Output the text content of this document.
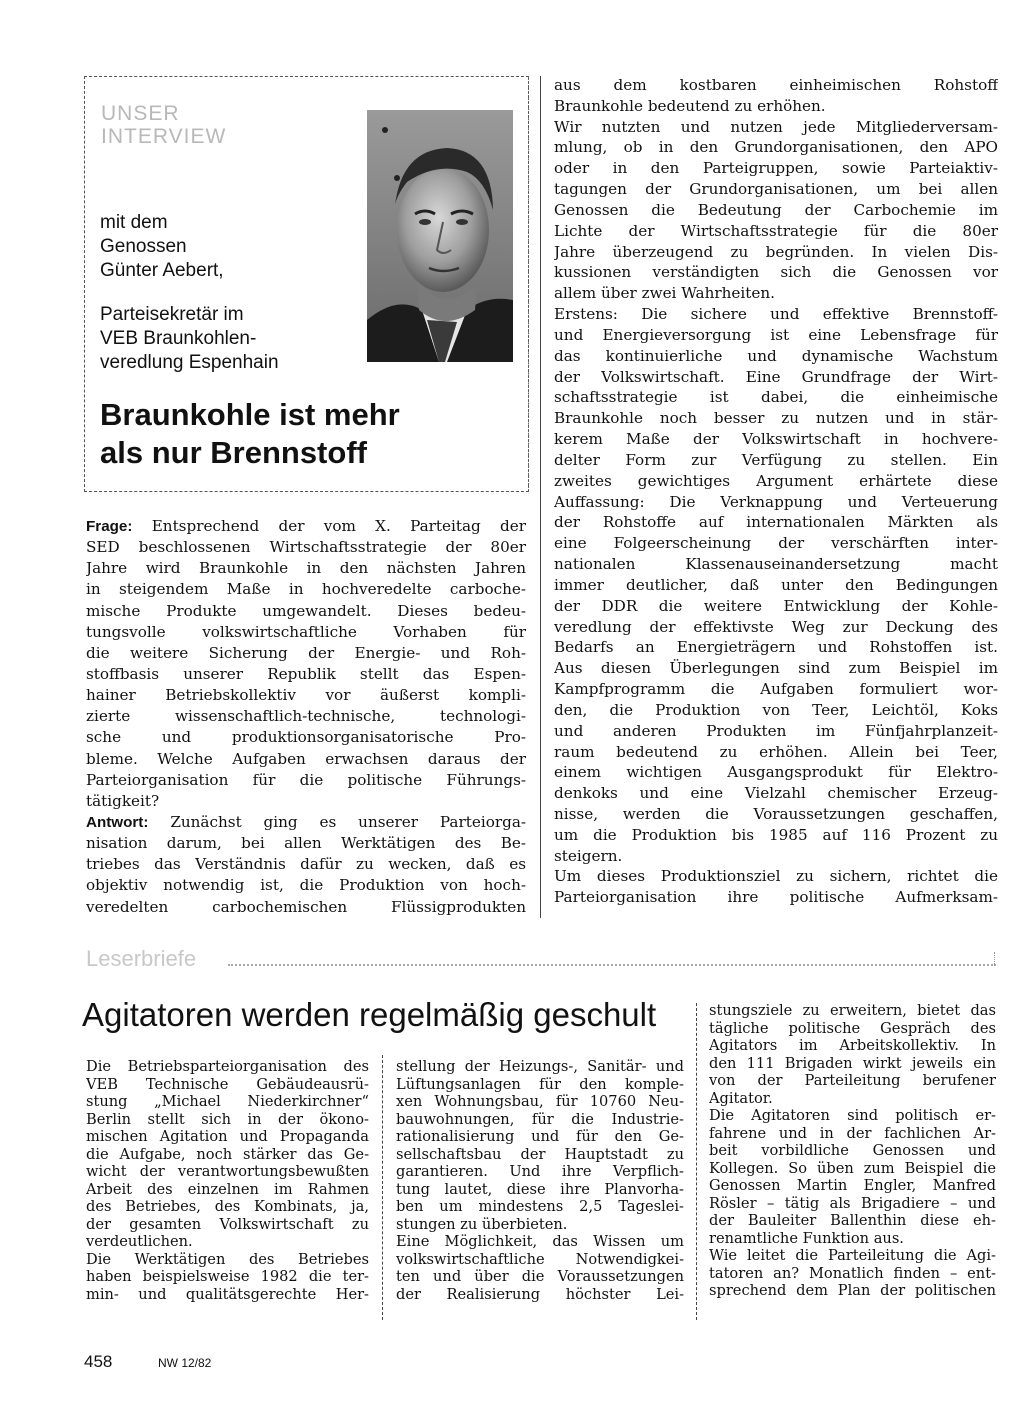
UNSER
INTERVIEW
mit dem
Genossen
Günter Aebert,
Parteisekretär im
VEB Braunkohlen-
veredlung Espenhain
Braunkohle ist mehr
als nur Brennstoff
Frage: Entsprechend der vom X. Parteitag der
SED beschlossenen Wirtschaftsstrategie der 80er
Jahre wird Braunkohle in den nächsten Jahren
in steigendem Maße in hochveredelte carboche-
mische Produkte umgewandelt. Dieses bedeu-
tungsvolle volkswirtschaftliche Vorhaben für
die weitere Sicherung der Energie- und Roh-
stoffbasis unserer Republik stellt das Espen-
hainer Betriebskollektiv vor äußerst kompli-
zierte wissenschaftlich-technische, technologi-
sche und produktionsorganisatorische Pro-
bleme. Welche Aufgaben erwachsen daraus der
Parteiorganisation für die politische Führungs-
tätigkeit?
Antwort: Zunächst ging es unserer Parteiorga-
nisation darum, bei allen Werktätigen des Be-
triebes das Verständnis dafür zu wecken, daß es
objektiv notwendig ist, die Produktion von hoch-
veredelten carbochemischen Flüssigprodukten
aus dem kostbaren einheimischen Rohstoff
Braunkohle bedeutend zu erhöhen.
Wir nutzten und nutzen jede Mitgliederversam-
mlung, ob in den Grundorganisationen, den APO
oder in den Parteigruppen, sowie Parteiaktiv-
tagungen der Grundorganisationen, um bei allen
Genossen die Bedeutung der Carbochemie im
Lichte der Wirtschaftsstrategie für die 80er
Jahre überzeugend zu begründen. In vielen Dis-
kussionen verständigten sich die Genossen vor
allem über zwei Wahrheiten.
Erstens: Die sichere und effektive Brennstoff-
und Energieversorgung ist eine Lebensfrage für
das kontinuierliche und dynamische Wachstum
der Volkswirtschaft. Eine Grundfrage der Wirt-
schaftsstrategie ist dabei, die einheimische
Braunkohle noch besser zu nutzen und in stär-
kerem Maße der Volkswirtschaft in hochvere-
delter Form zur Verfügung zu stellen. Ein
zweites gewichtiges Argument erhärtete diese
Auffassung: Die Verknappung und Verteuerung
der Rohstoffe auf internationalen Märkten als
eine Folgeerscheinung der verschärften inter-
nationalen Klassenauseinandersetzung macht
immer deutlicher, daß unter den Bedingungen
der DDR die weitere Entwicklung der Kohle-
veredlung der effektivste Weg zur Deckung des
Bedarfs an Energieträgern und Rohstoffen ist.
Aus diesen Überlegungen sind zum Beispiel im
Kampfprogramm die Aufgaben formuliert wor-
den, die Produktion von Teer, Leichtöl, Koks
und anderen Produkten im Fünfjahrplanzeit-
raum bedeutend zu erhöhen. Allein bei Teer,
einem wichtigen Ausgangsprodukt für Elektro-
denkoks und eine Vielzahl chemischer Erzeug-
nisse, werden die Voraussetzungen geschaffen,
um die Produktion bis 1985 auf 116 Prozent zu
steigern.
Um dieses Produktionsziel zu sichern, richtet die
Parteiorganisation ihre politische Aufmerksam-
Leserbriefe
Agitatoren werden regelmäßig geschult
Die Betriebsparteiorganisation des
VEB Technische Gebäudeausrü-
stung „Michael Niederkirchner“
Berlin stellt sich in der ökono-
mischen Agitation und Propaganda
die Aufgabe, noch stärker das Ge-
wicht der verantwortungsbewußten
Arbeit des einzelnen im Rahmen
des Betriebes, des Kombinats, ja,
der gesamten Volkswirtschaft zu
verdeutlichen.
Die Werktätigen des Betriebes
haben beispielsweise 1982 die ter-
min- und qualitätsgerechte Her-
stellung der Heizungs-, Sanitär- und
Lüftungsanlagen für den komple-
xen Wohnungsbau, für 10760 Neu-
bauwohnungen, für die Industrie-
rationalisierung und für den Ge-
sellschaftsbau der Hauptstadt zu
garantieren. Und ihre Verpflich-
tung lautet, diese ihre Planvorha-
ben um mindestens 2,5 Tageslei-
stungen zu überbieten.
Eine Möglichkeit, das Wissen um
volkswirtschaftliche Notwendigkei-
ten und über die Voraussetzungen
der Realisierung höchster Lei-
stungsziele zu erweitern, bietet das
tägliche politische Gespräch des
Agitators im Arbeitskollektiv. In
den 111 Brigaden wirkt jeweils ein
von der Parteileitung berufener
Agitator.
Die Agitatoren sind politisch er-
fahrene und in der fachlichen Ar-
beit vorbildliche Genossen und
Kollegen. So üben zum Beispiel die
Genossen Martin Engler, Manfred
Rösler – tätig als Brigadiere – und
der Bauleiter Ballenthin diese eh-
renamtliche Funktion aus.
Wie leitet die Parteileitung die Agi-
tatoren an? Monatlich finden – ent-
sprechend dem Plan der politischen
458	NW 12/82
